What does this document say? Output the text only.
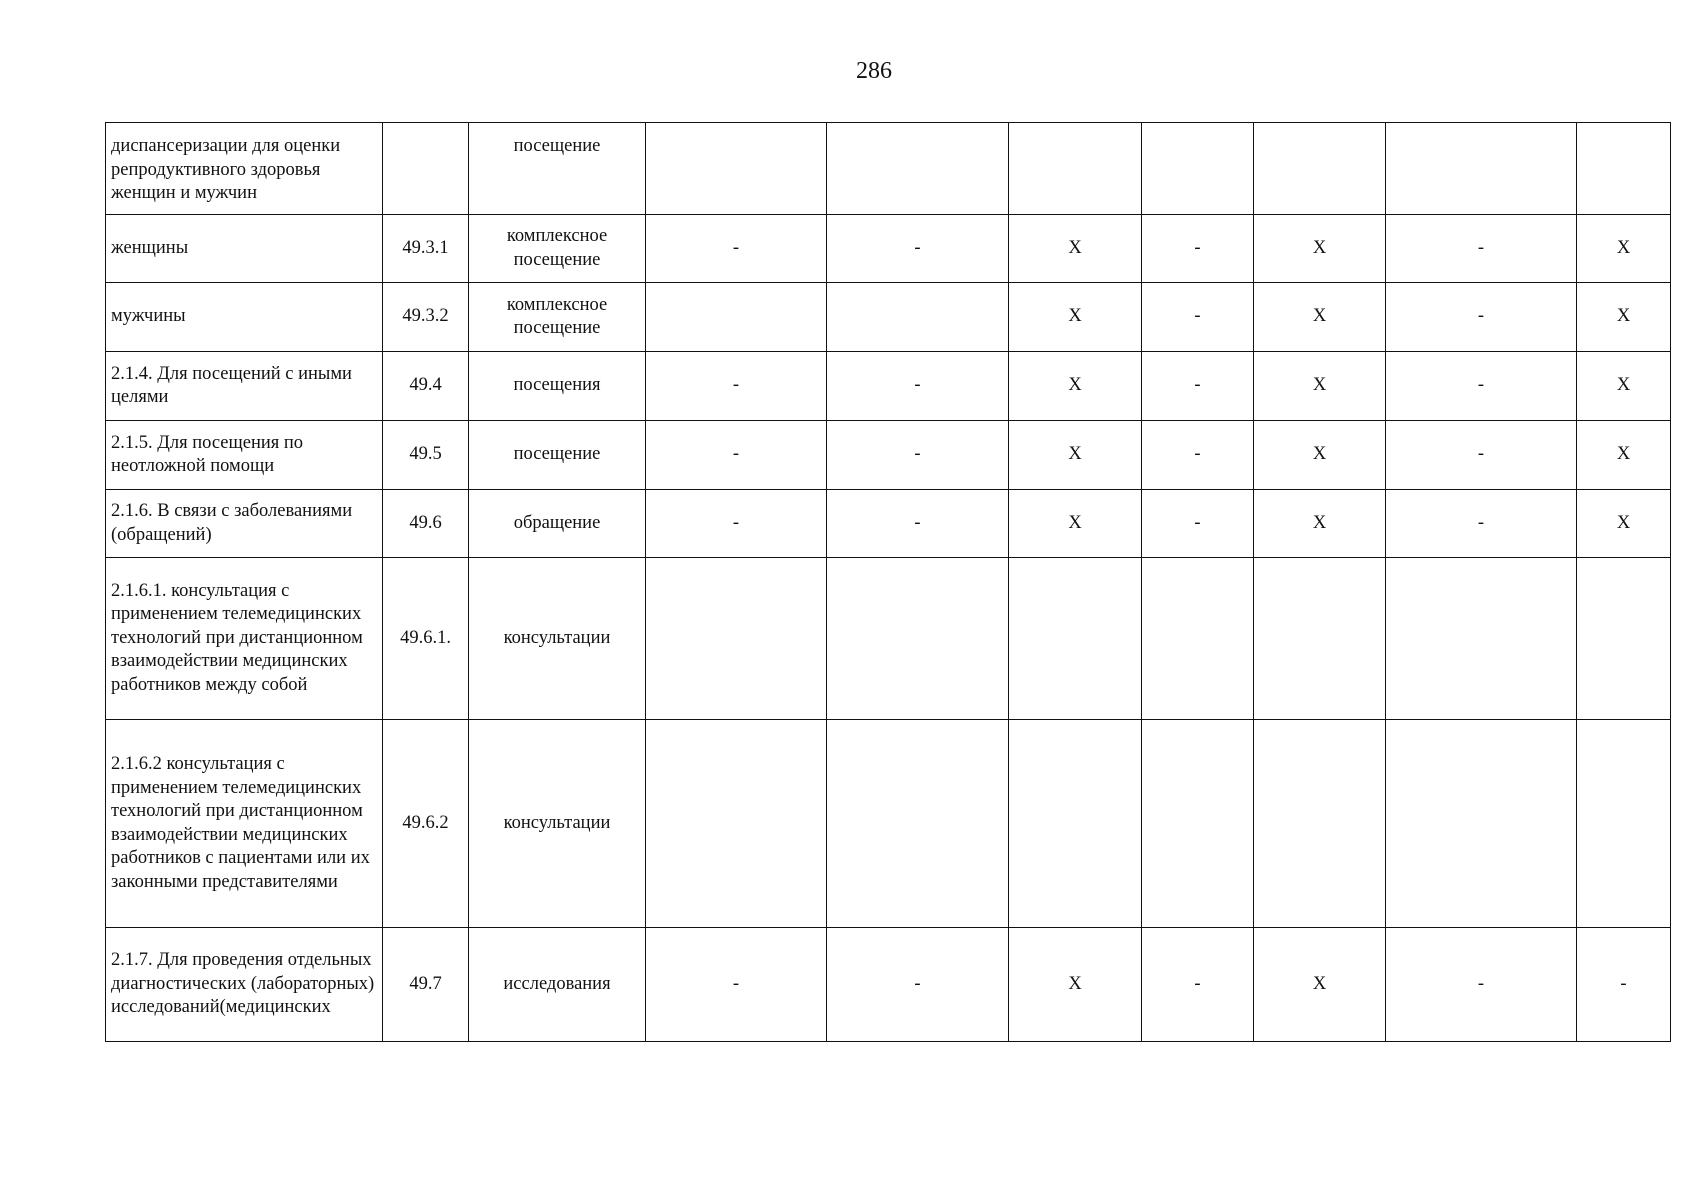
286
диспансеризации для оценки репродуктивного здоровья женщин и мужчин		посещение							
женщины	49.3.1	комплексное посещение	-	-	X	-	X	-	X
мужчины	49.3.2	комплексное посещение			X	-	X	-	X
2.1.4. Для посещений с иными целями	49.4	посещения	-	-	X	-	X	-	X
2.1.5. Для посещения по неотложной помощи	49.5	посещение	-	-	X	-	X	-	X
2.1.6. В связи с заболеваниями (обращений)	49.6	обращение	-	-	X	-	X	-	X
2.1.6.1. консультация с применением телемедицинских технологий при дистанционном взаимодействии медицинских работников между собой	49.6.1.	консультации							
2.1.6.2 консультация с применением телемедицинских технологий при дистанционном взаимодействии медицинских работников с пациентами или их законными представителями	49.6.2	консультации							
2.1.7. Для проведения отдельных диагностических (лабораторных) исследований(медицинских	49.7	исследования	-	-	X	-	X	-	-
